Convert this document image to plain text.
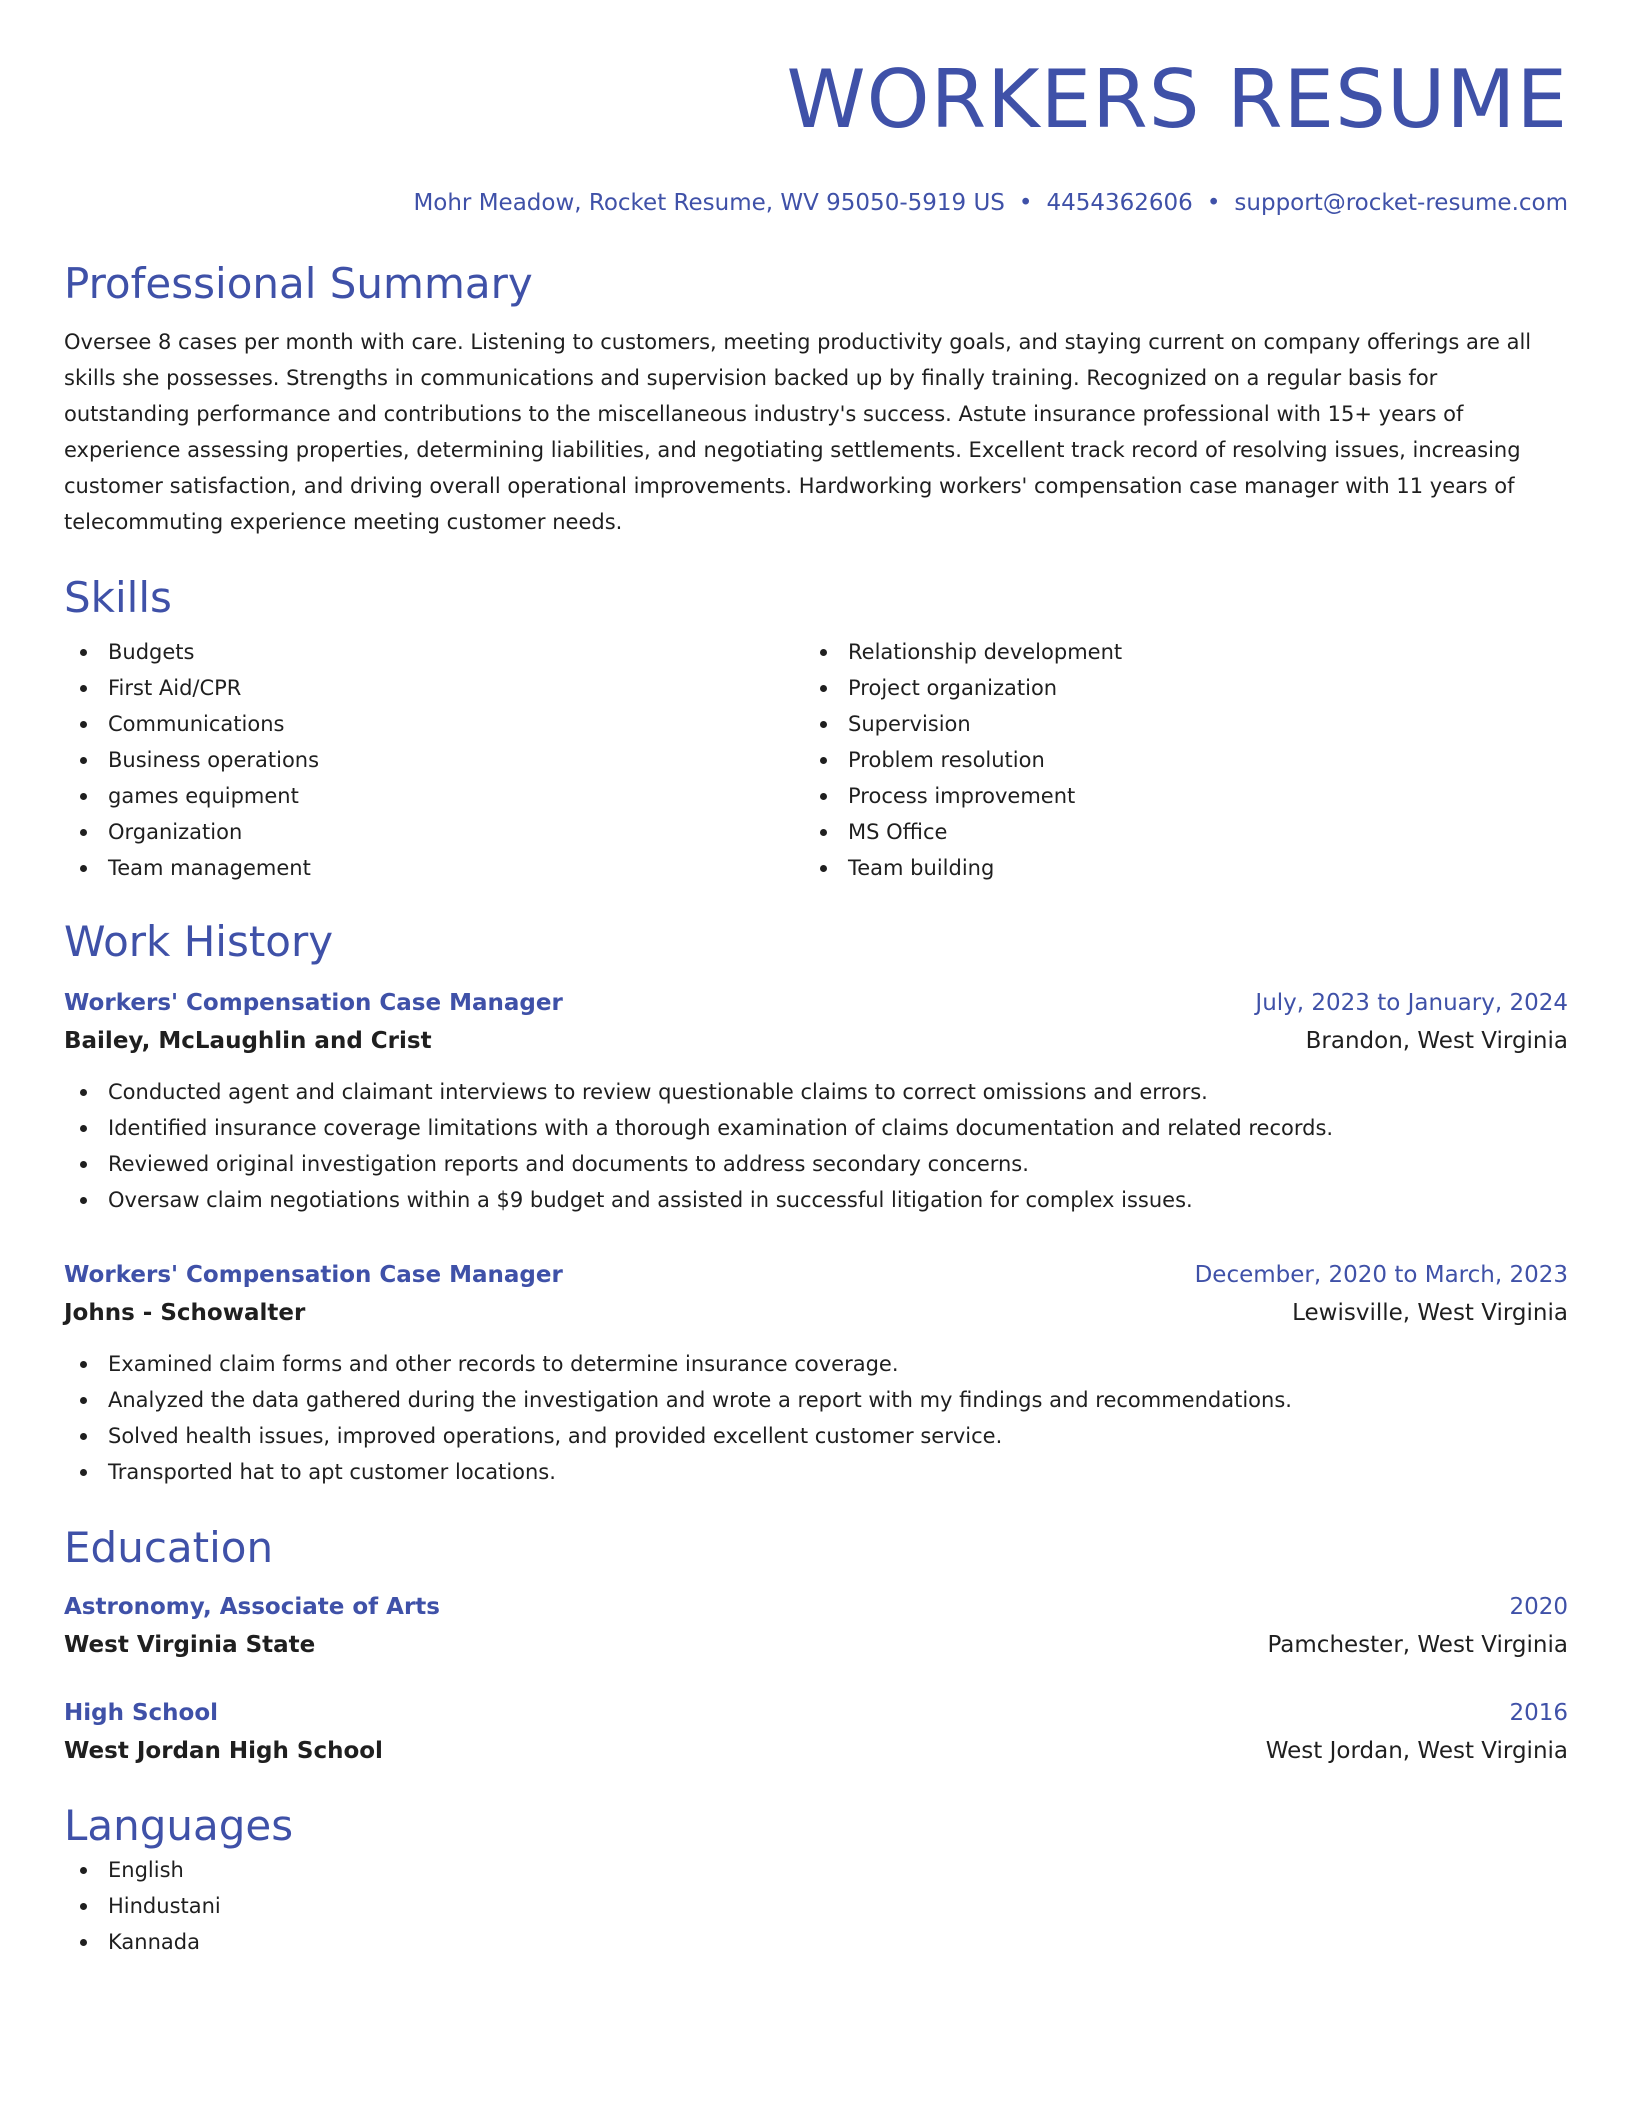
WORKERS RESUME
Mohr Meadow, Rocket Resume, WV 95050-5919 US • 4454362606 • support@rocket-resume.com
Professional Summary
Oversee 8 cases per month with care. Listening to customers, meeting productivity goals, and staying current on company offerings are all skills she possesses. Strengths in communications and supervision backed up by finally training. Recognized on a regular basis for outstanding performance and contributions to the miscellaneous industry's success. Astute insurance professional with 15+ years of experience assessing properties, determining liabilities, and negotiating settlements. Excellent track record of resolving issues, increasing customer satisfaction, and driving overall operational improvements. Hardworking workers' compensation case manager with 11 years of telecommuting experience meeting customer needs.
Skills
Budgets
First Aid/CPR
Communications
Business operations
games equipment
Organization
Team management
Relationship development
Project organization
Supervision
Problem resolution
Process improvement
MS Office
Team building
Work History
Workers' Compensation Case Manager	July, 2023 to January, 2024
Bailey, McLaughlin and Crist	Brandon, West Virginia
Conducted agent and claimant interviews to review questionable claims to correct omissions and errors.
Identified insurance coverage limitations with a thorough examination of claims documentation and related records.
Reviewed original investigation reports and documents to address secondary concerns.
Oversaw claim negotiations within a $9 budget and assisted in successful litigation for complex issues.
Workers' Compensation Case Manager	December, 2020 to March, 2023
Johns - Schowalter	Lewisville, West Virginia
Examined claim forms and other records to determine insurance coverage.
Analyzed the data gathered during the investigation and wrote a report with my findings and recommendations.
Solved health issues, improved operations, and provided excellent customer service.
Transported hat to apt customer locations.
Education
Astronomy, Associate of Arts	2020
West Virginia State	Pamchester, West Virginia
High School	2016
West Jordan High School	West Jordan, West Virginia
Languages
English
Hindustani
Kannada
